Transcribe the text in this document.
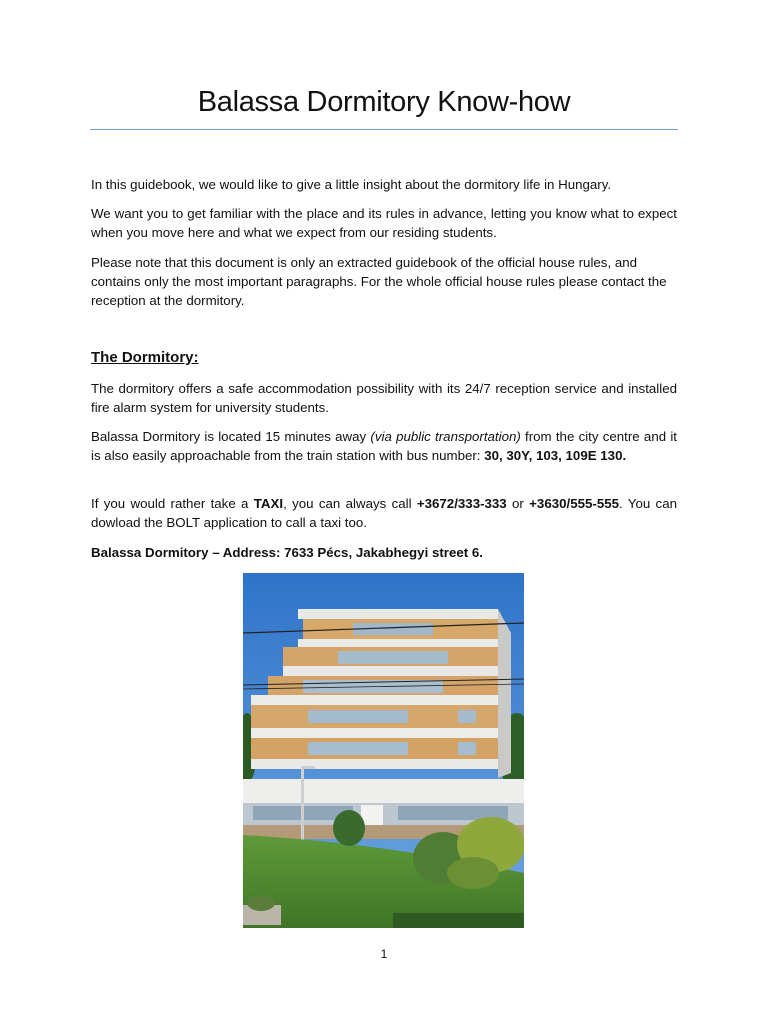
Balassa Dormitory Know-how

In this guidebook, we would like to give a little insight about the dormitory life in Hungary.

We want you to get familiar with the place and its rules in advance, letting you know what to expect when you move here and what we expect from our residing students.

Please note that this document is only an extracted guidebook of the official house rules, and contains only the most important paragraphs. For the whole official house rules please contact the reception at the dormitory.

The Dormitory:

The dormitory offers a safe accommodation possibility with its 24/7 reception service and installed fire alarm system for university students.

Balassa Dormitory is located 15 minutes away (via public transportation) from the city centre and it is also easily approachable from the train station with bus number: 30, 30Y, 103, 109E 130.

If you would rather take a TAXI, you can always call +3672/333-333 or +3630/555-555. You can dowload the BOLT application to call a taxi too.

Balassa Dormitory – Address: 7633 Pécs, Jakabhegyi street 6.

1
